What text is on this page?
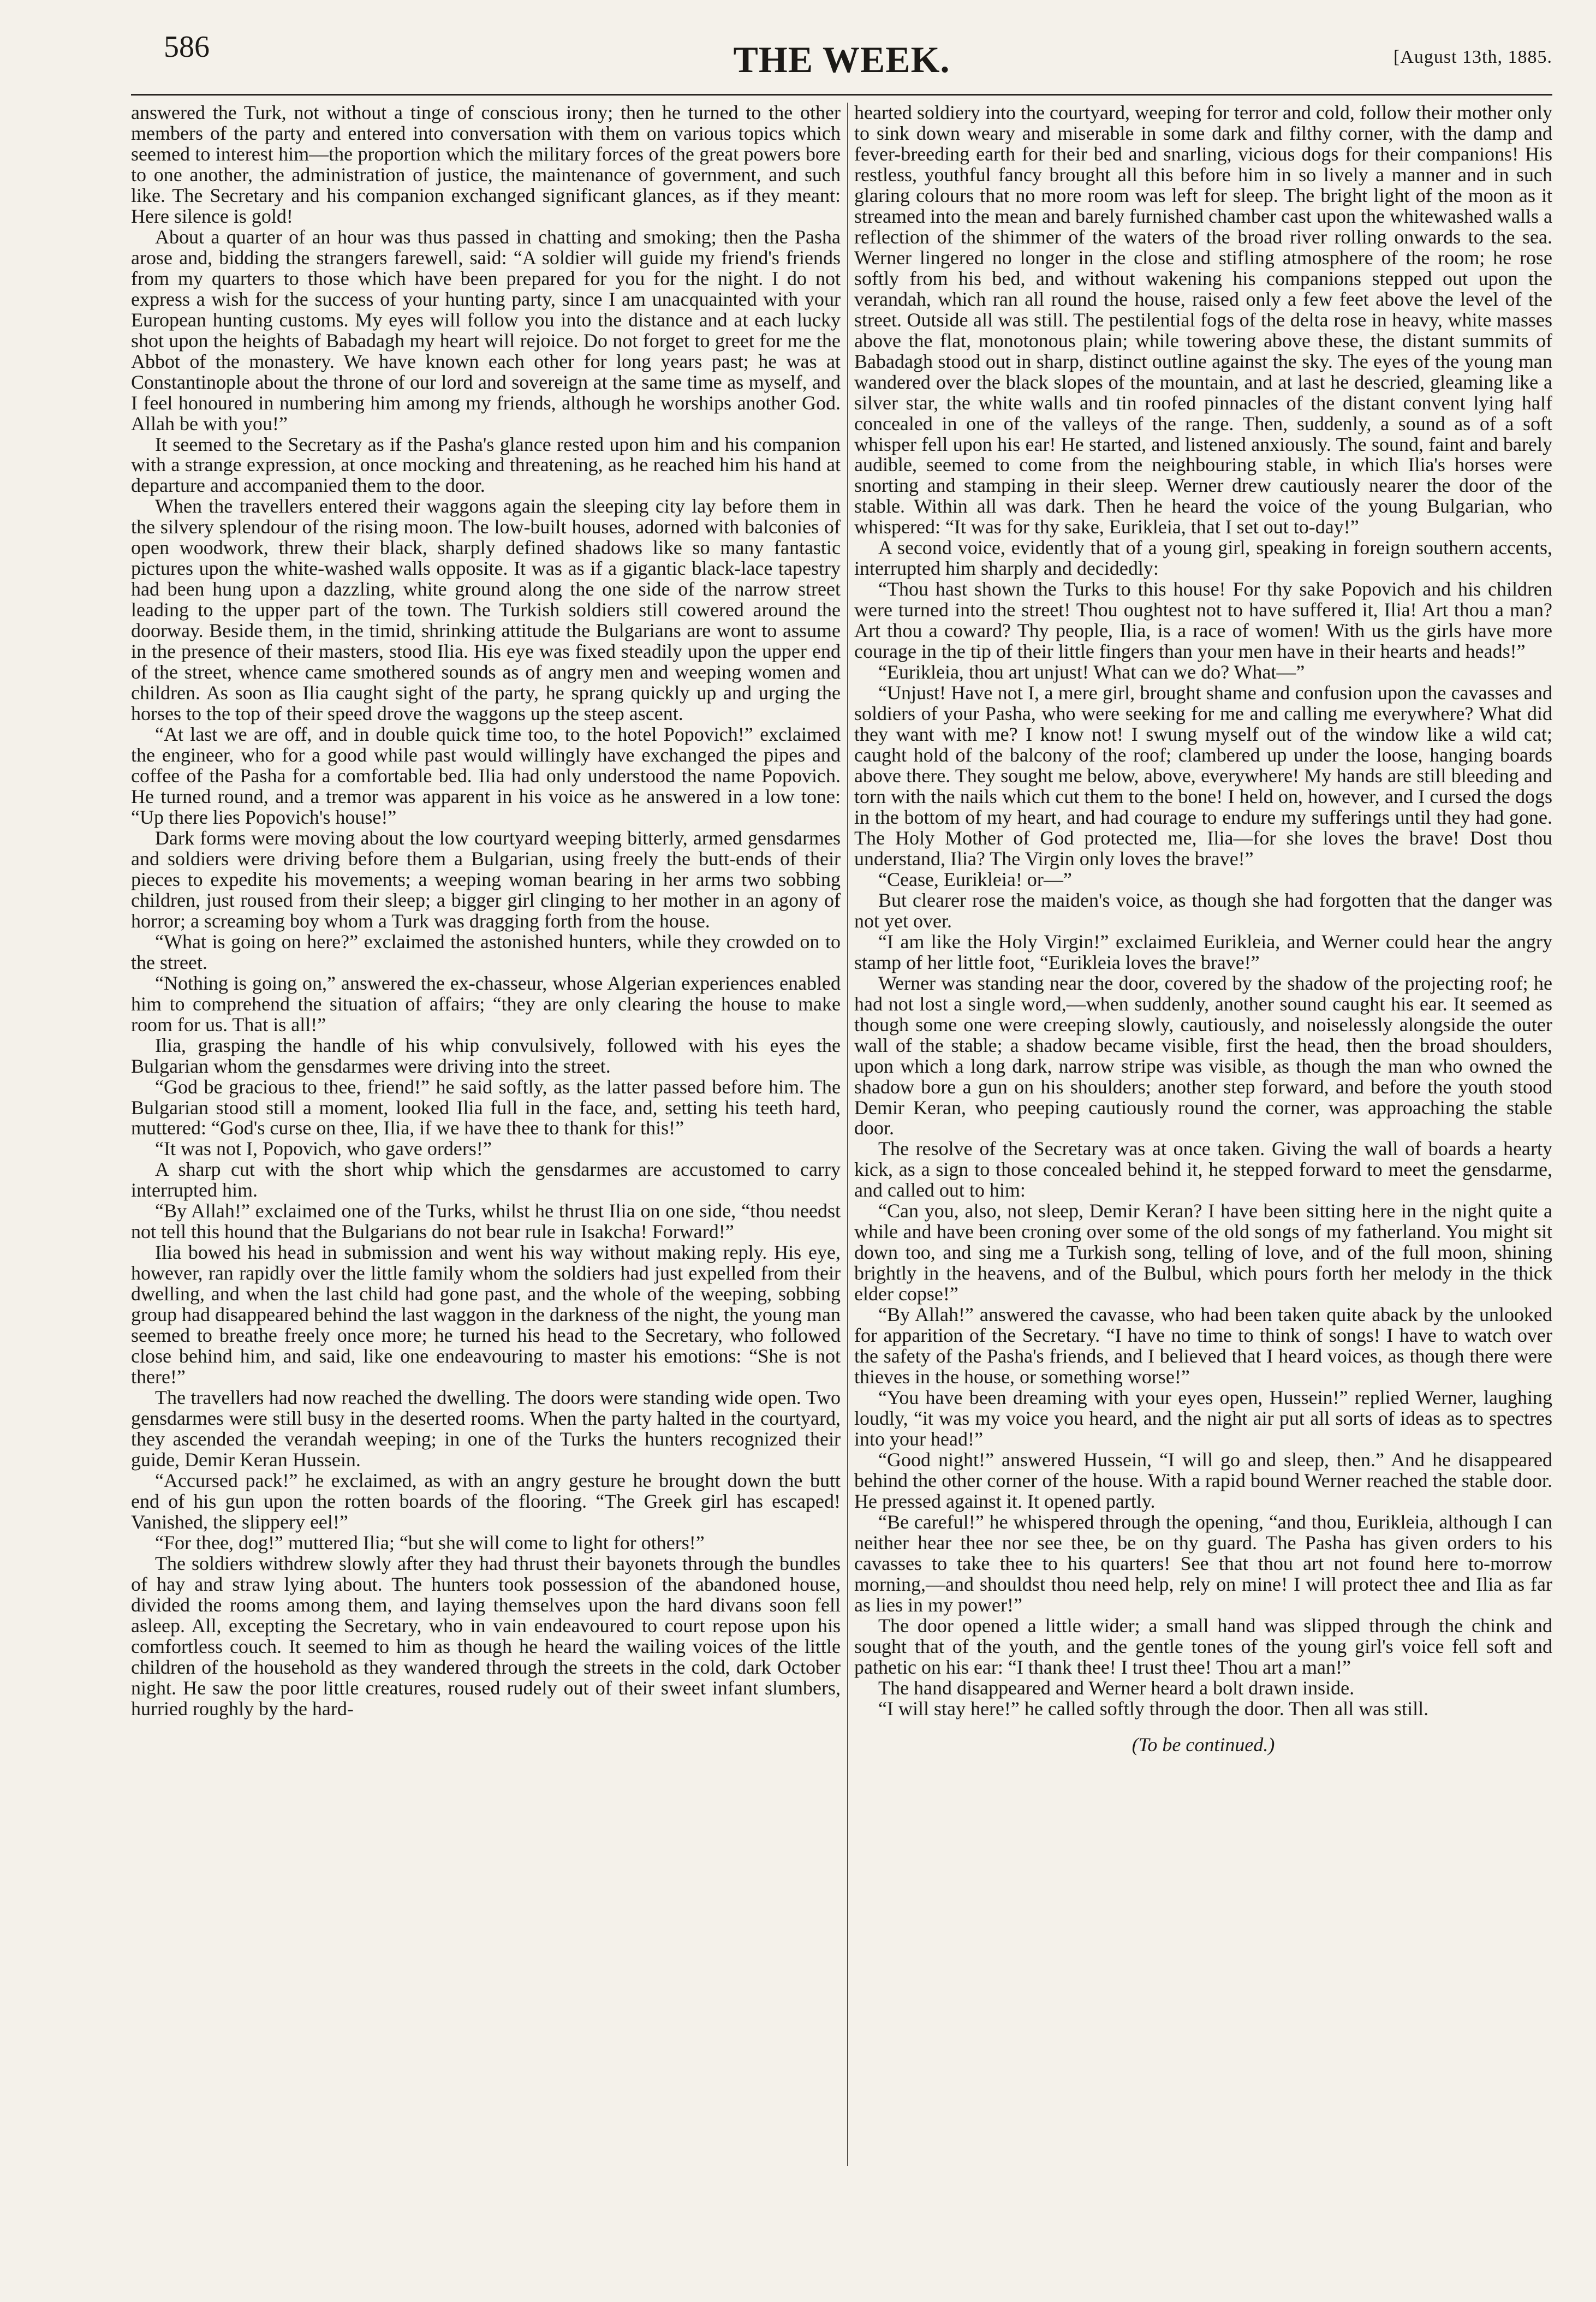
586	THE WEEK.	[August 13th, 1885.

answered the Turk, not without a tinge of conscious irony; then he turned to the other members of the party and entered into conversation with them on various topics which seemed to interest him—the proportion which the military forces of the great powers bore to one another, the administration of justice, the maintenance of government, and such like. The Secretary and his companion exchanged significant glances, as if they meant: Here silence is gold!

About a quarter of an hour was thus passed in chatting and smoking; then the Pasha arose and, bidding the strangers farewell, said: “A soldier will guide my friend's friends from my quarters to those which have been prepared for you for the night. I do not express a wish for the success of your hunting party, since I am unacquainted with your European hunting customs. My eyes will follow you into the distance and at each lucky shot upon the heights of Babadagh my heart will rejoice. Do not forget to greet for me the Abbot of the monastery. We have known each other for long years past; he was at Constantinople about the throne of our lord and sovereign at the same time as myself, and I feel honoured in numbering him among my friends, although he worships another God. Allah be with you!”

It seemed to the Secretary as if the Pasha's glance rested upon him and his companion with a strange expression, at once mocking and threatening, as he reached him his hand at departure and accompanied them to the door.

When the travellers entered their waggons again the sleeping city lay before them in the silvery splendour of the rising moon. The low-built houses, adorned with balconies of open woodwork, threw their black, sharply defined shadows like so many fantastic pictures upon the white-washed walls opposite. It was as if a gigantic black-lace tapestry had been hung upon a dazzling, white ground along the one side of the narrow street leading to the upper part of the town. The Turkish soldiers still cowered around the doorway. Beside them, in the timid, shrinking attitude the Bulgarians are wont to assume in the presence of their masters, stood Ilia. His eye was fixed steadily upon the upper end of the street, whence came smothered sounds as of angry men and weeping women and children. As soon as Ilia caught sight of the party, he sprang quickly up and urging the horses to the top of their speed drove the waggons up the steep ascent.

“At last we are off, and in double quick time too, to the hotel Popovich!” exclaimed the engineer, who for a good while past would willingly have exchanged the pipes and coffee of the Pasha for a comfortable bed. Ilia had only understood the name Popovich. He turned round, and a tremor was apparent in his voice as he answered in a low tone: “Up there lies Popovich's house!”

Dark forms were moving about the low courtyard weeping bitterly, armed gensdarmes and soldiers were driving before them a Bulgarian, using freely the butt-ends of their pieces to expedite his movements; a weeping woman bearing in her arms two sobbing children, just roused from their sleep; a bigger girl clinging to her mother in an agony of horror; a screaming boy whom a Turk was dragging forth from the house.

“What is going on here?” exclaimed the astonished hunters, while they crowded on to the street.

“Nothing is going on,” answered the ex-chasseur, whose Algerian experiences enabled him to comprehend the situation of affairs; “they are only clearing the house to make room for us. That is all!”

Ilia, grasping the handle of his whip convulsively, followed with his eyes the Bulgarian whom the gensdarmes were driving into the street.

“God be gracious to thee, friend!” he said softly, as the latter passed before him. The Bulgarian stood still a moment, looked Ilia full in the face, and, setting his teeth hard, muttered: “God's curse on thee, Ilia, if we have thee to thank for this!”

“It was not I, Popovich, who gave orders!”

A sharp cut with the short whip which the gensdarmes are accustomed to carry interrupted him.

“By Allah!” exclaimed one of the Turks, whilst he thrust Ilia on one side, “thou needst not tell this hound that the Bulgarians do not bear rule in Isakcha! Forward!”

Ilia bowed his head in submission and went his way without making reply. His eye, however, ran rapidly over the little family whom the soldiers had just expelled from their dwelling, and when the last child had gone past, and the whole of the weeping, sobbing group had disappeared behind the last waggon in the darkness of the night, the young man seemed to breathe freely once more; he turned his head to the Secretary, who followed close behind him, and said, like one endeavouring to master his emotions: “She is not there!”

The travellers had now reached the dwelling. The doors were standing wide open. Two gensdarmes were still busy in the deserted rooms. When the party halted in the courtyard, they ascended the verandah weeping; in one of the Turks the hunters recognized their guide, Demir Keran Hussein.

“Accursed pack!” he exclaimed, as with an angry gesture he brought down the butt end of his gun upon the rotten boards of the flooring. “The Greek girl has escaped! Vanished, the slippery eel!”

“For thee, dog!” muttered Ilia; “but she will come to light for others!”

The soldiers withdrew slowly after they had thrust their bayonets through the bundles of hay and straw lying about. The hunters took possession of the abandoned house, divided the rooms among them, and laying themselves upon the hard divans soon fell asleep. All, excepting the Secretary, who in vain endeavoured to court repose upon his comfortless couch. It seemed to him as though he heard the wailing voices of the little children of the household as they wandered through the streets in the cold, dark October night. He saw the poor little creatures, roused rudely out of their sweet infant slumbers, hurried roughly by the hard-

hearted soldiery into the courtyard, weeping for terror and cold, follow their mother only to sink down weary and miserable in some dark and filthy corner, with the damp and fever-breeding earth for their bed and snarling, vicious dogs for their companions! His restless, youthful fancy brought all this before him in so lively a manner and in such glaring colours that no more room was left for sleep. The bright light of the moon as it streamed into the mean and barely furnished chamber cast upon the whitewashed walls a reflection of the shimmer of the waters of the broad river rolling onwards to the sea. Werner lingered no longer in the close and stifling atmosphere of the room; he rose softly from his bed, and without wakening his companions stepped out upon the verandah, which ran all round the house, raised only a few feet above the level of the street. Outside all was still. The pestilential fogs of the delta rose in heavy, white masses above the flat, monotonous plain; while towering above these, the distant summits of Babadagh stood out in sharp, distinct outline against the sky. The eyes of the young man wandered over the black slopes of the mountain, and at last he descried, gleaming like a silver star, the white walls and tin roofed pinnacles of the distant convent lying half concealed in one of the valleys of the range. Then, suddenly, a sound as of a soft whisper fell upon his ear! He started, and listened anxiously. The sound, faint and barely audible, seemed to come from the neighbouring stable, in which Ilia's horses were snorting and stamping in their sleep. Werner drew cautiously nearer the door of the stable. Within all was dark. Then he heard the voice of the young Bulgarian, who whispered: “It was for thy sake, Eurikleia, that I set out to-day!”

A second voice, evidently that of a young girl, speaking in foreign southern accents, interrupted him sharply and decidedly:

“Thou hast shown the Turks to this house! For thy sake Popovich and his children were turned into the street! Thou oughtest not to have suffered it, Ilia! Art thou a man? Art thou a coward? Thy people, Ilia, is a race of women! With us the girls have more courage in the tip of their little fingers than your men have in their hearts and heads!”

“Eurikleia, thou art unjust! What can we do? What—”

“Unjust! Have not I, a mere girl, brought shame and confusion upon the cavasses and soldiers of your Pasha, who were seeking for me and calling me everywhere? What did they want with me? I know not! I swung myself out of the window like a wild cat; caught hold of the balcony of the roof; clambered up under the loose, hanging boards above there. They sought me below, above, everywhere! My hands are still bleeding and torn with the nails which cut them to the bone! I held on, however, and I cursed the dogs in the bottom of my heart, and had courage to endure my sufferings until they had gone. The Holy Mother of God protected me, Ilia—for she loves the brave! Dost thou understand, Ilia? The Virgin only loves the brave!”

“Cease, Eurikleia! or—”

But clearer rose the maiden's voice, as though she had forgotten that the danger was not yet over.

“I am like the Holy Virgin!” exclaimed Eurikleia, and Werner could hear the angry stamp of her little foot, “Eurikleia loves the brave!”

Werner was standing near the door, covered by the shadow of the projecting roof; he had not lost a single word,—when suddenly, another sound caught his ear. It seemed as though some one were creeping slowly, cautiously, and noiselessly alongside the outer wall of the stable; a shadow became visible, first the head, then the broad shoulders, upon which a long dark, narrow stripe was visible, as though the man who owned the shadow bore a gun on his shoulders; another step forward, and before the youth stood Demir Keran, who peeping cautiously round the corner, was approaching the stable door.

The resolve of the Secretary was at once taken. Giving the wall of boards a hearty kick, as a sign to those concealed behind it, he stepped forward to meet the gensdarme, and called out to him:

“Can you, also, not sleep, Demir Keran? I have been sitting here in the night quite a while and have been croning over some of the old songs of my fatherland. You might sit down too, and sing me a Turkish song, telling of love, and of the full moon, shining brightly in the heavens, and of the Bulbul, which pours forth her melody in the thick elder copse!”

“By Allah!” answered the cavasse, who had been taken quite aback by the unlooked for apparition of the Secretary. “I have no time to think of songs! I have to watch over the safety of the Pasha's friends, and I believed that I heard voices, as though there were thieves in the house, or something worse!”

“You have been dreaming with your eyes open, Hussein!” replied Werner, laughing loudly, “it was my voice you heard, and the night air put all sorts of ideas as to spectres into your head!”

“Good night!” answered Hussein, “I will go and sleep, then.” And he disappeared behind the other corner of the house. With a rapid bound Werner reached the stable door. He pressed against it. It opened partly.

“Be careful!” he whispered through the opening, “and thou, Eurikleia, although I can neither hear thee nor see thee, be on thy guard. The Pasha has given orders to his cavasses to take thee to his quarters! See that thou art not found here to-morrow morning,—and shouldst thou need help, rely on mine! I will protect thee and Ilia as far as lies in my power!”

The door opened a little wider; a small hand was slipped through the chink and sought that of the youth, and the gentle tones of the young girl's voice fell soft and pathetic on his ear: “I thank thee! I trust thee! Thou art a man!”

The hand disappeared and Werner heard a bolt drawn inside.

“I will stay here!” he called softly through the door. Then all was still.

(To be continued.)
